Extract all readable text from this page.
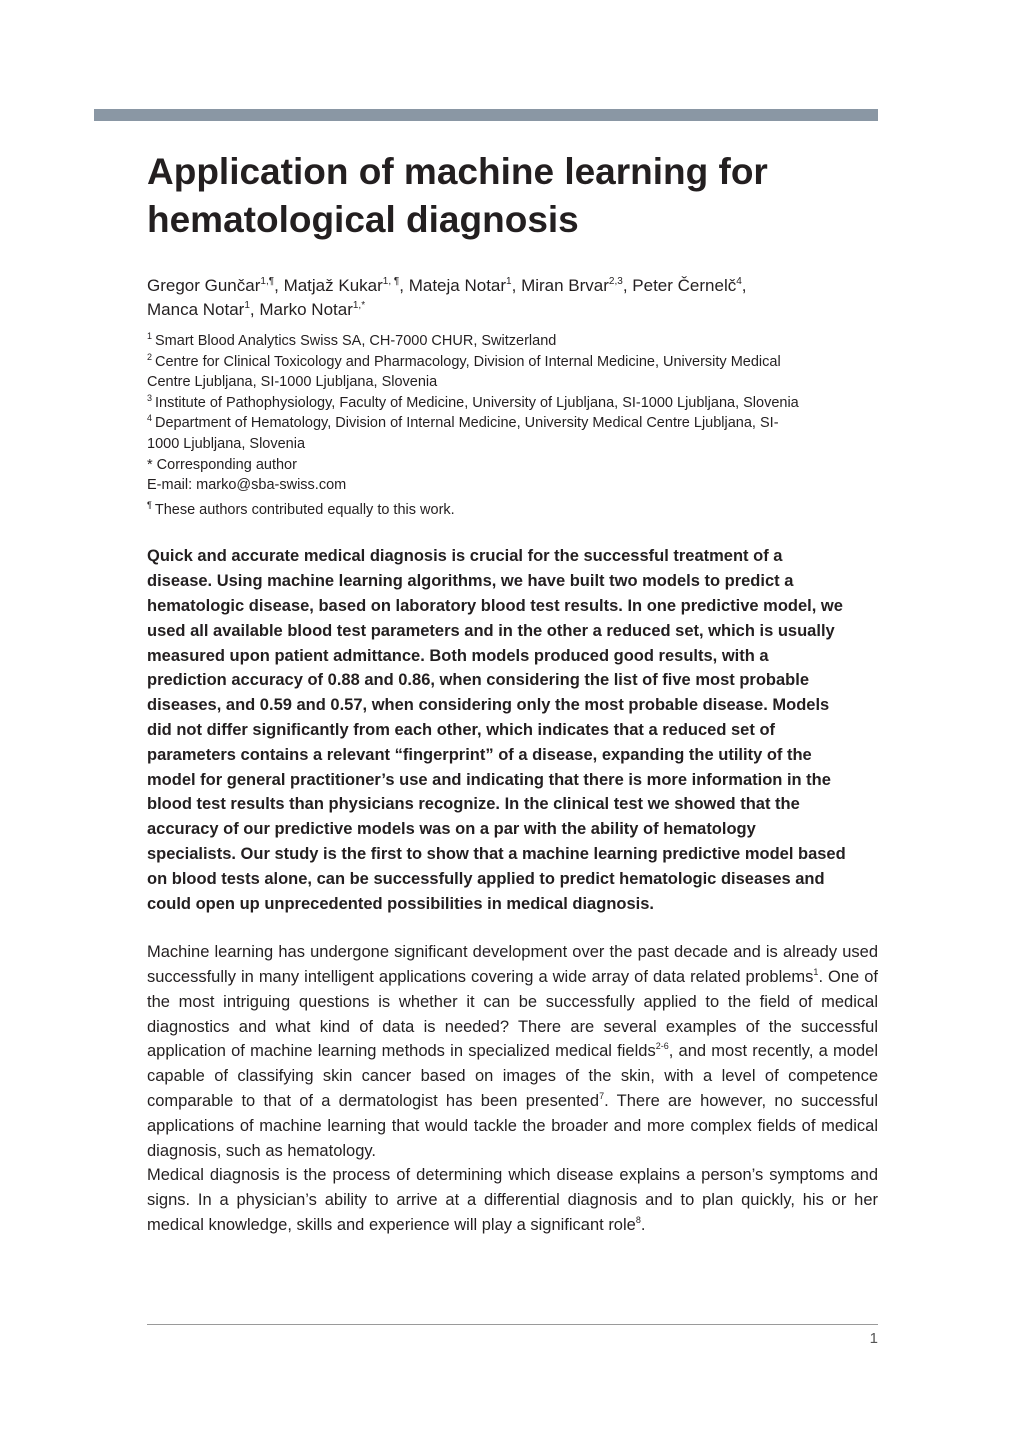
Application of machine learning for hematological diagnosis
Gregor Gunčar$^{1,\P}$, Matjaž Kukar$^{1, \P}$, Mateja Notar$^1$, Miran Brvar$^{2,3}$, Peter Černelč$^4$,
Manca Notar$^1$, Marko Notar$^{1,*}$

$^1$ Smart Blood Analytics Swiss SA, CH-7000 CHUR, Switzerland

$^2$ Centre for Clinical Toxicology and Pharmacology, Division of Internal Medicine, University Medical Centre Ljubljana, SI-1000 Ljubljana, Slovenia

$^3$ Institute of Pathophysiology, Faculty of Medicine, University of Ljubljana, SI-1000 Ljubljana, Slovenia

$^4$ Department of Hematology, Division of Internal Medicine, University Medical Centre Ljubljana, SI-1000 Ljubljana, Slovenia

* Corresponding author

E-mail: marko@sba-swiss.com

¶ These authors contributed equally to this work.

Quick and accurate medical diagnosis is crucial for the successful treatment of a disease. Using machine learning algorithms, we have built two models to predict a hematologic disease, based on laboratory blood test results. In one predictive model, we used all available blood test parameters and in the other a reduced set, which is usually measured upon patient admittance. Both models produced good results, with a prediction accuracy of 0.88 and 0.86, when considering the list of five most probable diseases, and 0.59 and 0.57, when considering only the most probable disease. Models did not differ significantly from each other, which indicates that a reduced set of parameters contains a relevant “fingerprint” of a disease, expanding the utility of the model for general practitioner’s use and indicating that there is more information in the blood test results than physicians recognize. In the clinical test we showed that the accuracy of our predictive models was on a par with the ability of hematology specialists. Our study is the first to show that a machine learning predictive model based on blood tests alone, can be successfully applied to predict hematologic diseases and could open up unprecedented possibilities in medical diagnosis.

Machine learning has undergone significant development over the past decade and is already used successfully in many intelligent applications covering a wide array of data related problems$^1$. One of the most intriguing questions is whether it can be successfully applied to the field of medical diagnostics and what kind of data is needed? There are several examples of the successful application of machine learning methods in specialized medical fields$^{2-6}$, and most recently, a model capable of classifying skin cancer based on images of the skin, with a level of competence comparable to that of a dermatologist has been presented$^7$. There are however, no successful applications of machine learning that would tackle the broader and more complex fields of medical diagnosis, such as hematology.

Medical diagnosis is the process of determining which disease explains a person’s symptoms and signs. In a physician’s ability to arrive at a differential diagnosis and to plan quickly, his or her medical knowledge, skills and experience will play a significant role$^8$.

1
